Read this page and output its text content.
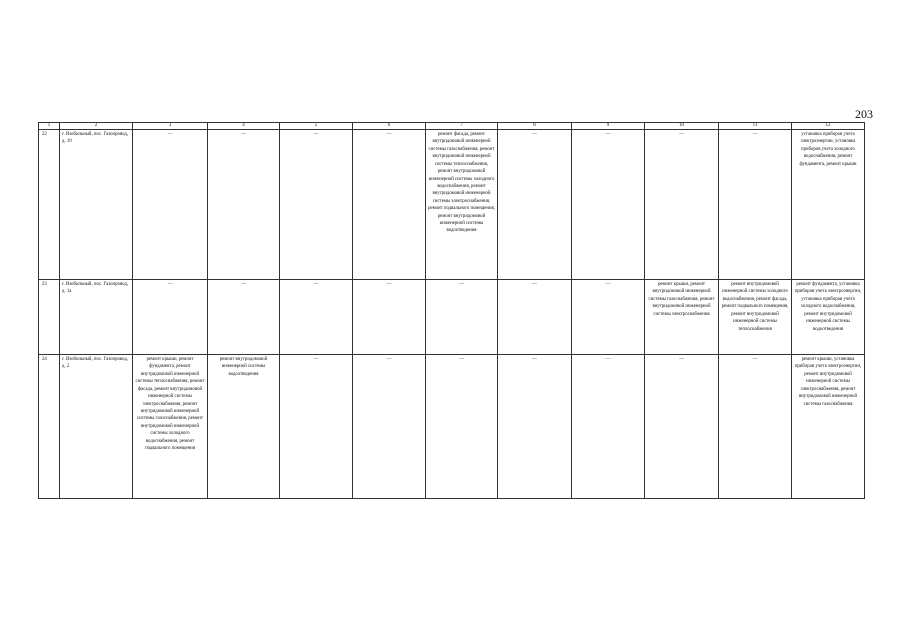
203
1	2	3	4	5	6	7	8	9	10	11	12
22	г. Изобильный, пос. Газопровод, д. 19	—	—	—	—	ремонт фасада, ремонт внутридомовой инженерной системы газоснабжения, ремонт внутридомовой инженерной системы теплоснабжения, ремонт внутридомовой инженерной системы холодного водоснабжения, ремонт внутридомовой инженерной системы электроснабжения, ремонт подвального помещения, ремонт внутридомовой инженерной системы водоотведения	—	—	—	—	установка приборов учета электроэнергии, установка приборов учета холодного водоснабжения, ремонт фундамента, ремонт крыши
23	г. Изобильный, пос. Газопровод, д. 1а	—	—	—	—	—	—	—	ремонт крыши, ремонт внутридомовой инженерной системы газоснабжения, ремонт внутридомовой инженерной системы электроснабжения	ремонт внутридомовой инженерной системы холодного водоснабжения, ремонт фасада, ремонт подвального помещения, ремонт внутридомовой инженерной системы теплоснабжения	ремонт фундамента, установка приборов учета электроэнергии, установка приборов учета холодного водоснабжения, ремонт внутридомовой инженерной системы водоотведения
24	г. Изобильный, пос. Газопровод, д. 2	ремонт крыши, ремонт фундамента, ремонт внутридомовой инженерной системы теплоснабжения, ремонт фасада, ремонт внутридомовой инженерной системы электроснабжения, ремонт внутридомовой инженерной системы газоснабжения, ремонт внутридомовой инженерной системы холодного водоснабжения, ремонт подвального помещения	ремонт внутридомовой инженерной системы водоотведения	—	—	—	—	—	—	—	ремонт крыши, установка приборов учета электроэнергии, ремонт внутридомовой инженерной системы электроснабжения, ремонт внутридомовой инженерной системы газоснабжения
